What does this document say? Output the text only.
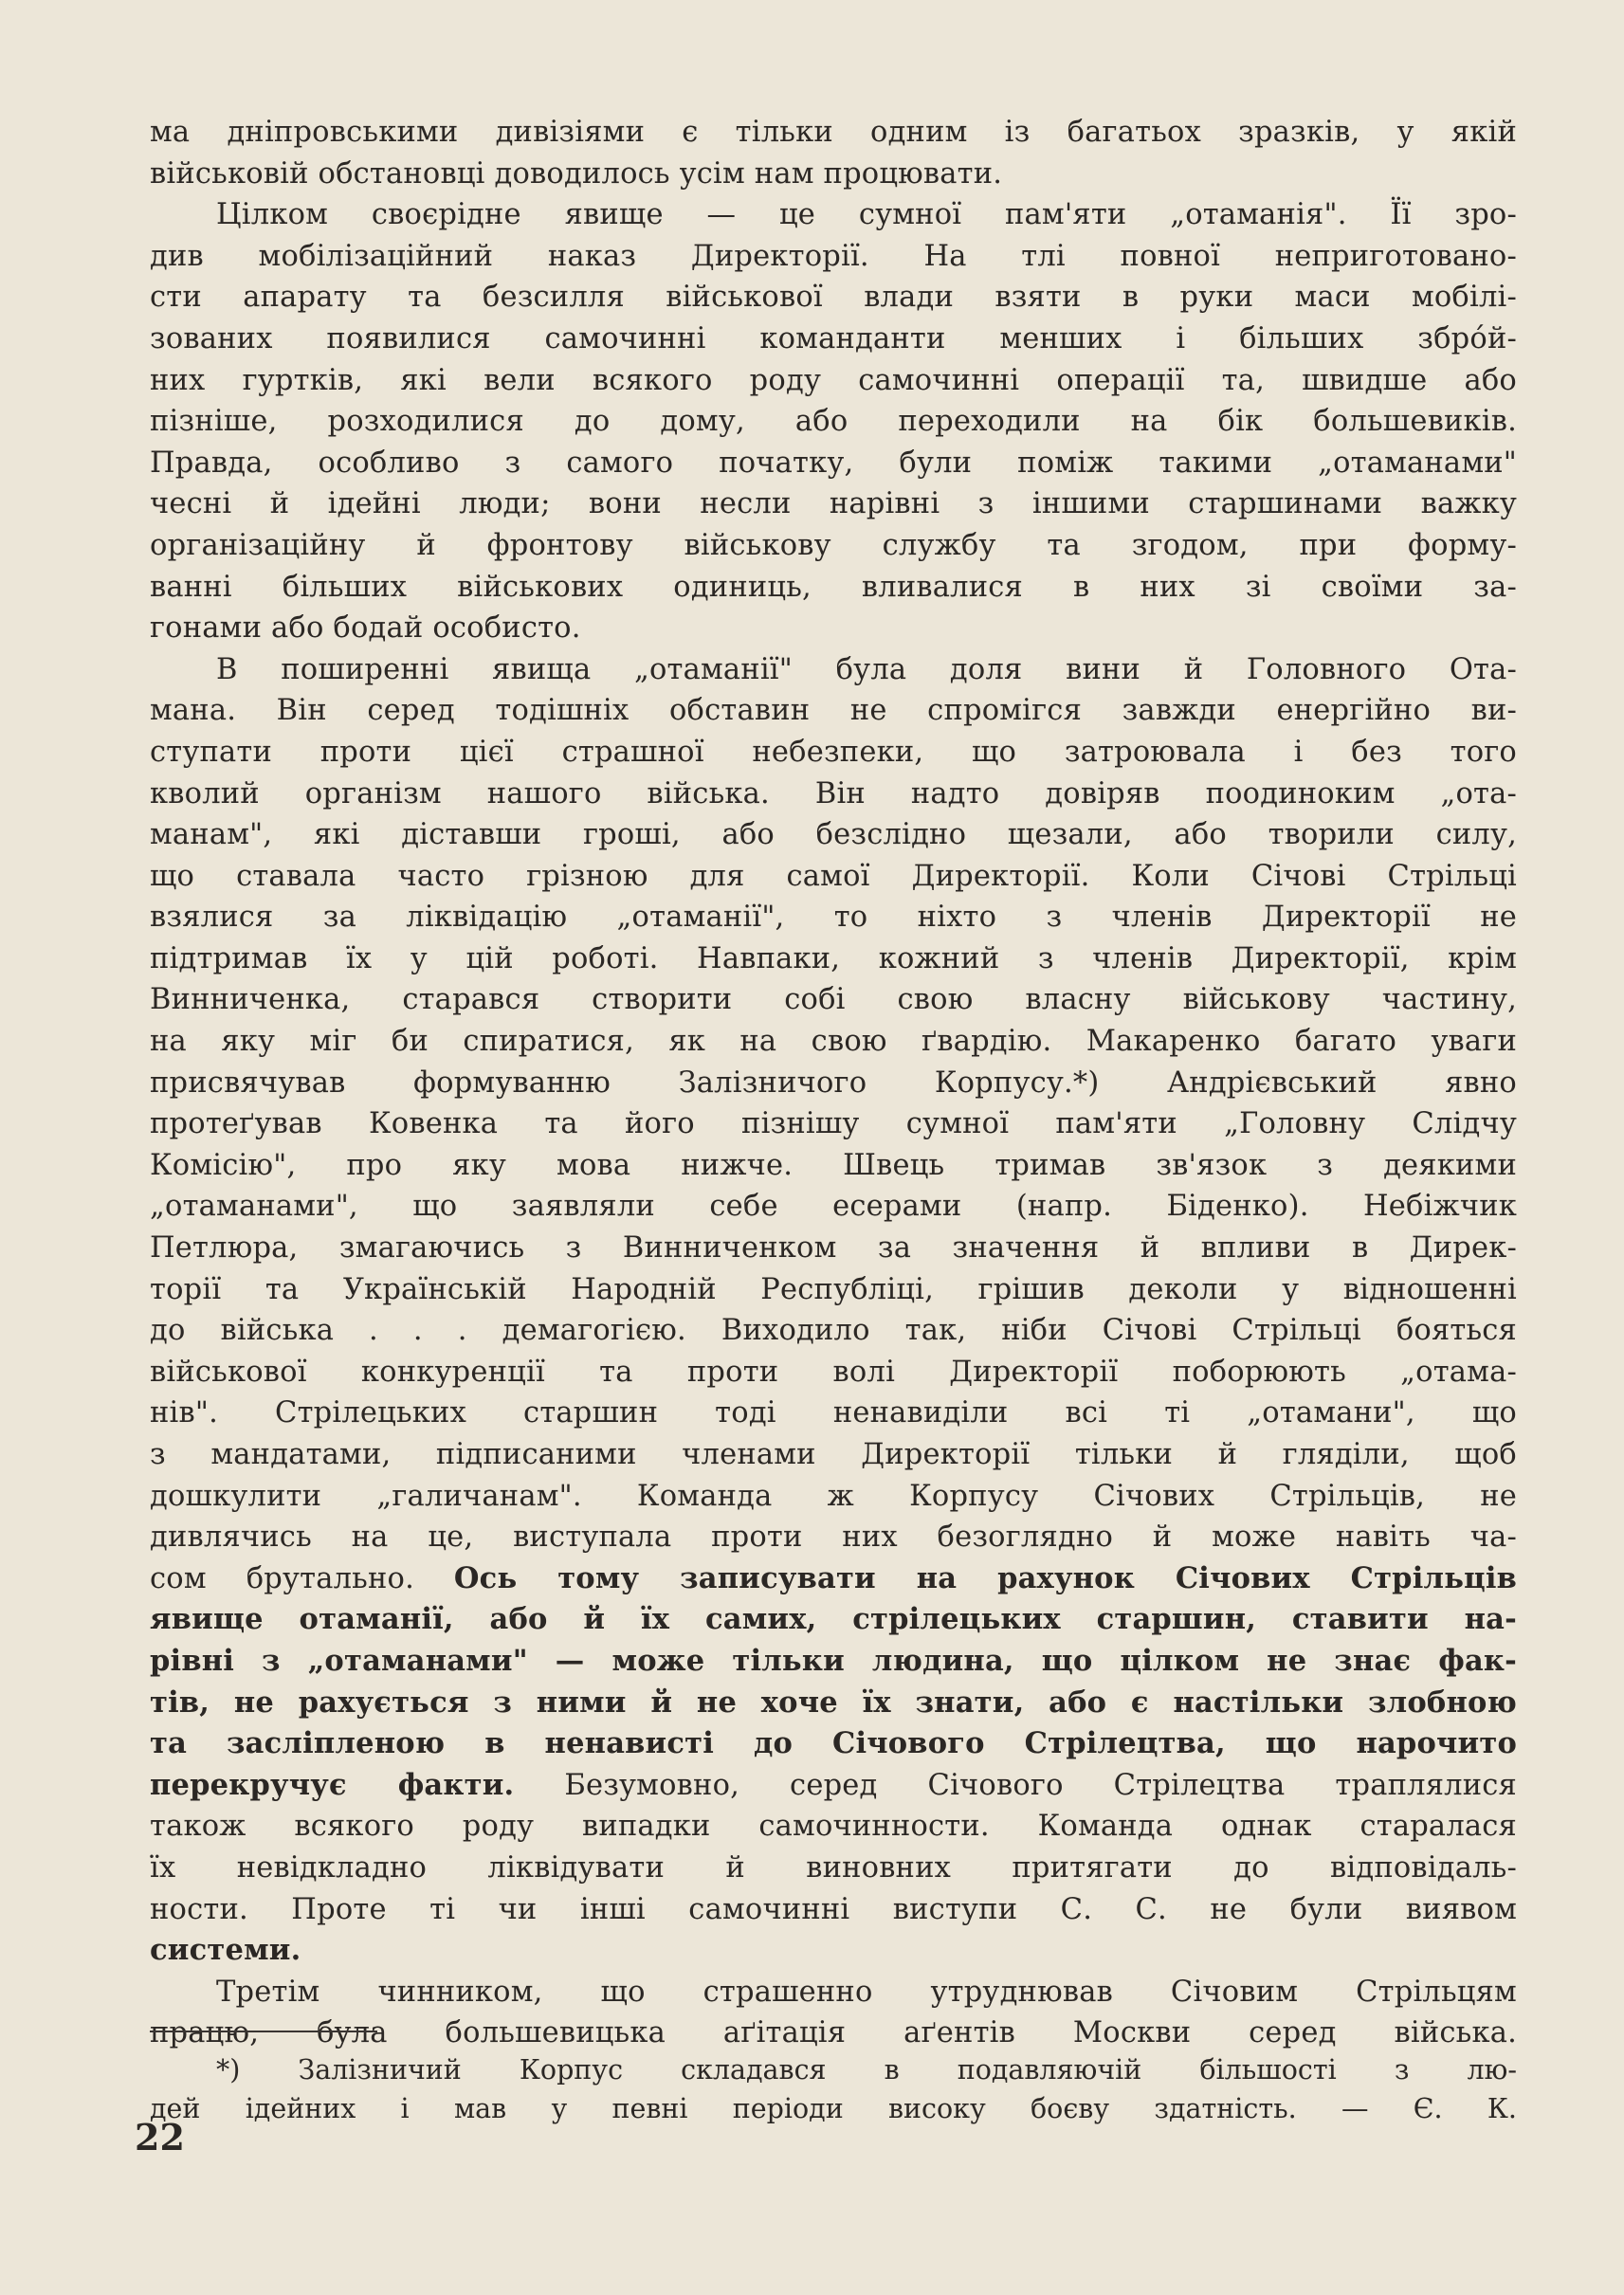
ма дніпровськими дивізіями є тільки одним із багатьох зразків, у якій
військовій обстановці доводилось усім нам процювати.
Цілком своєрідне явище — це сумної пам'яти „отаманія". Її зро-
див мобілізаційний наказ Директорії. На тлі повної неприготовано-
сти апарату та безсилля військової влади взяти в руки маси мобілі-
зованих появилися самочинні команданти менших і більших збрóй-
них гуртків, які вели всякого роду самочинні операції та, швидше або
пізніше, розходилися до дому, або переходили на бік большевиків.
Правда, особливо з самого початку, були поміж такими „отаманами"
чесні й ідейні люди; вони несли нарівні з іншими старшинами важку
організаційну й фронтову військову службу та згодом, при форму-
ванні більших військових одиниць, вливалися в них зі своїми за-
гонами або бодай особисто.
В поширенні явища „отаманії" була доля вини й Головного Ота-
мана. Він серед тодішніх обставин не спромігся завжди енергійно ви-
ступати проти цієї страшної небезпеки, що затроювала і без того
кволий організм нашого війська. Він надто довіряв поодиноким „ота-
манам", які діставши гроші, або безслідно щезали, або творили силу,
що ставала часто грізною для самої Директорії. Коли Січові Стрільці
взялися за ліквідацію „отаманії", то ніхто з членів Директорії не
підтримав їх у цій роботі. Навпаки, кожний з членів Директорії, крім
Винниченка, старався створити собі свою власну військову частину,
на яку міг би спиратися, як на свою ґвардію. Макаренко багато уваги
присвячував формуванню Залізничого Корпусу.*) Андрієвський явно
протеґував Ковенка та його пізнішу сумної пам'яти „Головну Слідчу
Комісію", про яку мова нижче. Швець тримав зв'язок з деякими
„отаманами", що заявляли себе есерами (напр. Біденко). Небіжчик
Петлюра, змагаючись з Винниченком за значення й впливи в Дирек-
торії та Українській Народній Республіці, грішив деколи у відношенні
до війська . . . демагогією. Виходило так, ніби Січові Стрільці бояться
військової конкуренції та проти волі Директорії поборюють „отама-
нів". Стрілецьких старшин тоді ненавиділи всі ті „отамани", що
з мандатами, підписаними членами Директорії тільки й гляділи, щоб
дошкулити „галичанам". Команда ж Корпусу Січових Стрільців, не
дивлячись на це, виступала проти них безоглядно й може навіть ча-
сом брутально. Ось тому записувати на рахунок Січових Стрільців
явище отаманії, або й їх самих, стрілецьких старшин, ставити на-
рівні з „отаманами" — може тільки людина, що цілком не знає фак-
тів, не рахується з ними й не хоче їх знати, або є настільки злобною
та засліпленою в ненависті до Січового Стрілецтва, що нарочито
перекручує факти. Безумовно, серед Січового Стрілецтва траплялися
також всякого роду випадки самочинности. Команда однак старалася
їх невідкладно ліквідувати й виновних притягати до відповідаль-
ности. Проте ті чи інші самочинні виступи С. С. не були виявом
системи.
Третім чинником, що страшенно утруднював Січовим Стрільцям
працю, була большевицька аґітація аґентів Москви серед війська.
*) Залізничий Корпус складався в подавляючій більшості з лю-
дей ідейних і мав у певні періоди високу боєву здатність. — Є. К.
22
